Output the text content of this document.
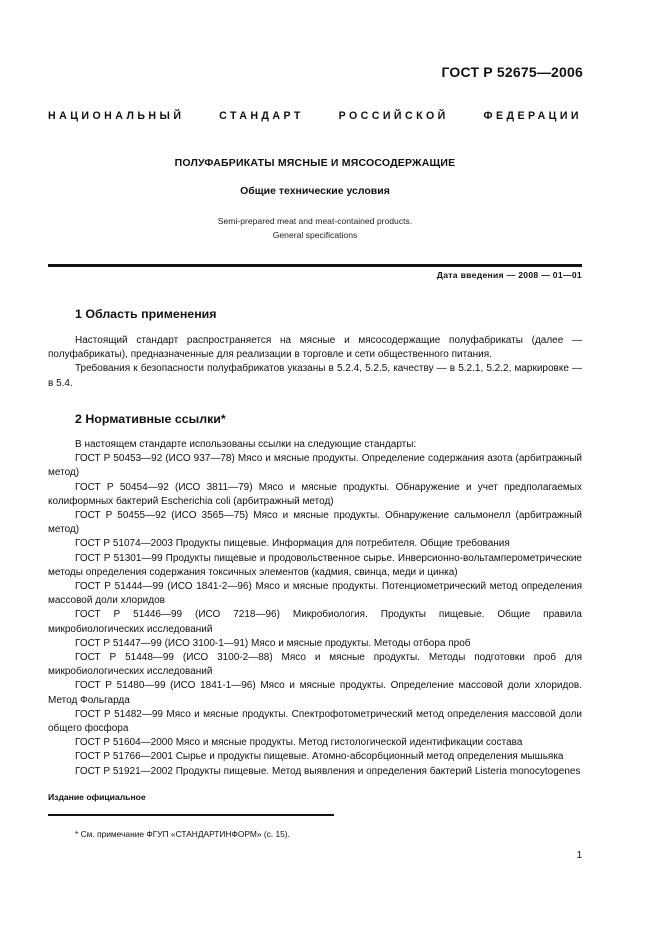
ГОСТ Р 52675—2006
НАЦИОНАЛЬНЫЙ СТАНДАРТ РОССИЙСКОЙ ФЕДЕРАЦИИ
ПОЛУФАБРИКАТЫ МЯСНЫЕ И МЯСОСОДЕРЖАЩИЕ
Общие технические условия
Semi-prepared meat and meat-contained products.
General specifications
Дата введения — 2008 — 01—01
1 Область применения

Настоящий стандарт распространяется на мясные и мясосодержащие полуфабрикаты (далее — полуфабрикаты), предназначенные для реализации в торговле и сети общественного питания.

Требования к безопасности полуфабрикатов указаны в 5.2.4, 5.2.5, качеству — в 5.2.1, 5.2.2, маркировке — в 5.4.

2 Нормативные ссылки*

В настоящем стандарте использованы ссылки на следующие стандарты:

ГОСТ Р 50453—92 (ИСО 937—78) Мясо и мясные продукты. Определение содержания азота (арбитражный метод)

ГОСТ Р 50454—92 (ИСО 3811—79) Мясо и мясные продукты. Обнаружение и учет предполагаемых колиформных бактерий Escherichia coli (арбитражный метод)

ГОСТ Р 50455—92 (ИСО 3565—75) Мясо и мясные продукты. Обнаружение сальмонелл (арбитражный метод)

ГОСТ Р 51074—2003 Продукты пищевые. Информация для потребителя. Общие требования

ГОСТ Р 51301—99 Продукты пищевые и продовольственное сырье. Инверсионно-вольтамперометрические методы определения содержания токсичных элементов (кадмия, свинца, меди и цинка)

ГОСТ Р 51444—99 (ИСО 1841-2—96) Мясо и мясные продукты. Потенциометрический метод определения массовой доли хлоридов

ГОСТ Р 51446—99 (ИСО 7218—96) Микробиология. Продукты пищевые. Общие правила микробиологических исследований

ГОСТ Р 51447—99 (ИСО 3100-1—91) Мясо и мясные продукты. Методы отбора проб

ГОСТ Р 51448—99 (ИСО 3100-2—88) Мясо и мясные продукты. Методы подготовки проб для микробиологических исследований

ГОСТ Р 51480—99 (ИСО 1841-1—96) Мясо и мясные продукты. Определение массовой доли хлоридов. Метод Фольгарда

ГОСТ Р 51482—99 Мясо и мясные продукты. Спектрофотометрический метод определения массовой доли общего фосфора

ГОСТ Р 51604—2000 Мясо и мясные продукты. Метод гистологической идентификации состава

ГОСТ Р 51766—2001 Сырье и продукты пищевые. Атомно-абсорбционный метод определения мышьяка

ГОСТ Р 51921—2002 Продукты пищевые. Метод выявления и определения бактерий Listeria monocytogenes

Издание официальное
* См. примечание ФГУП «СТАНДАРТИНФОРМ» (с. 15).
1
